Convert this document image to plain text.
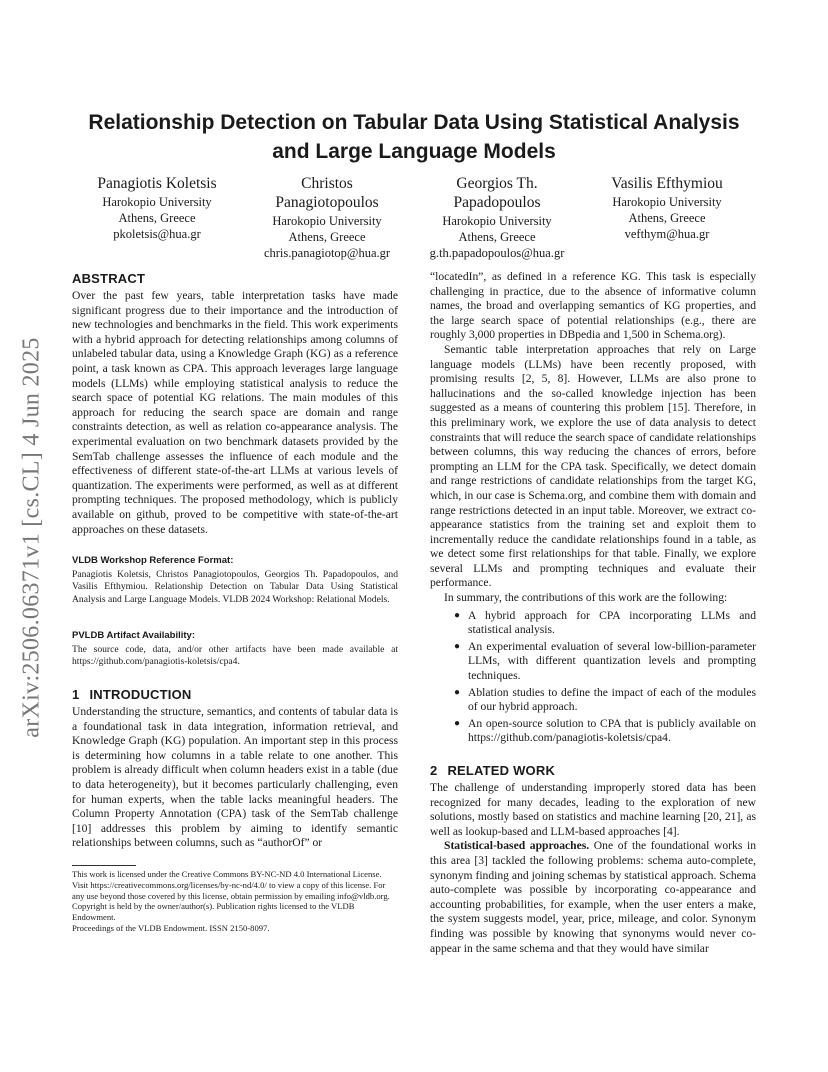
arXiv:2506.06371v1 [cs.CL] 4 Jun 2025
Relationship Detection on Tabular Data Using Statistical Analysis
and Large Language Models
Panagiotis Koletsis
Harokopio University
Athens, Greece
pkoletsis@hua.gr
Christos
Panagiotopoulos
Harokopio University
Athens, Greece
chris.panagiotop@hua.gr
Georgios Th.
Papadopoulos
Harokopio University
Athens, Greece
g.th.papadopoulos@hua.gr
Vasilis Efthymiou
Harokopio University
Athens, Greece
vefthym@hua.gr
ABSTRACT

Over the past few years, table interpretation tasks have made significant progress due to their importance and the introduction of new technologies and benchmarks in the field. This work experiments with a hybrid approach for detecting relationships among columns of unlabeled tabular data, using a Knowledge Graph (KG) as a reference point, a task known as CPA. This approach leverages large language models (LLMs) while employing statistical analysis to reduce the search space of potential KG relations. The main modules of this approach for reducing the search space are domain and range constraints detection, as well as relation co-appearance analysis. The experimental evaluation on two benchmark datasets provided by the SemTab challenge assesses the influence of each module and the effectiveness of different state-of-the-art LLMs at various levels of quantization. The experiments were performed, as well as at different prompting techniques. The proposed methodology, which is publicly available on github, proved to be competitive with state-of-the-art approaches on these datasets.

VLDB Workshop Reference Format:

Panagiotis Koletsis, Christos Panagiotopoulos, Georgios Th. Papadopoulos, and Vasilis Efthymiou. Relationship Detection on Tabular Data Using Statistical Analysis and Large Language Models. VLDB 2024 Workshop: Relational Models.

PVLDB Artifact Availability:

The source code, data, and/or other artifacts have been made available at https://github.com/panagiotis-koletsis/cpa4.

1 INTRODUCTION

Understanding the structure, semantics, and contents of tabular data is a foundational task in data integration, information retrieval, and Knowledge Graph (KG) population. An important step in this process is determining how columns in a table relate to one another. This problem is already difficult when column headers exist in a table (due to data heterogeneity), but it becomes particularly challenging, even for human experts, when the table lacks meaningful headers. The Column Property Annotation (CPA) task of the SemTab challenge [10] addresses this problem by aiming to identify semantic relationships between columns, such as “authorOf” or

This work is licensed under the Creative Commons BY-NC-ND 4.0 International License. Visit https://creativecommons.org/licenses/by-nc-nd/4.0/ to view a copy of this license. For any use beyond those covered by this license, obtain permission by emailing info@vldb.org. Copyright is held by the owner/author(s). Publication rights licensed to the VLDB Endowment.

Proceedings of the VLDB Endowment. ISSN 2150-8097.

“locatedIn”, as defined in a reference KG. This task is especially challenging in practice, due to the absence of informative column names, the broad and overlapping semantics of KG properties, and the large search space of potential relationships (e.g., there are roughly 3,000 properties in DBpedia and 1,500 in Schema.org).

Semantic table interpretation approaches that rely on Large language models (LLMs) have been recently proposed, with promising results [2, 5, 8]. However, LLMs are also prone to hallucinations and the so-called knowledge injection has been suggested as a means of countering this problem [15]. Therefore, in this preliminary work, we explore the use of data analysis to detect constraints that will reduce the search space of candidate relationships between columns, this way reducing the chances of errors, before prompting an LLM for the CPA task. Specifically, we detect domain and range restrictions of candidate relationships from the target KG, which, in our case is Schema.org, and combine them with domain and range restrictions detected in an input table. Moreover, we extract co-appearance statistics from the training set and exploit them to incrementally reduce the candidate relationships found in a table, as we detect some first relationships for that table. Finally, we explore several LLMs and prompting techniques and evaluate their performance.

In summary, the contributions of this work are the following:

● A hybrid approach for CPA incorporating LLMs and statistical analysis.
● An experimental evaluation of several low-billion-parameter LLMs, with different quantization levels and prompting techniques.
● Ablation studies to define the impact of each of the modules of our hybrid approach.
● An open-source solution to CPA that is publicly available on https://github.com/panagiotis-koletsis/cpa4.
2 RELATED WORK

The challenge of understanding improperly stored data has been recognized for many decades, leading to the exploration of new solutions, mostly based on statistics and machine learning [20, 21], as well as lookup-based and LLM-based approaches [4].

Statistical-based approaches. One of the foundational works in this area [3] tackled the following problems: schema auto-complete, synonym finding and joining schemas by statistical approach. Schema auto-complete was possible by incorporating co-appearance and accounting probabilities, for example, when the user enters a make, the system suggests model, year, price, mileage, and color. Synonym finding was possible by knowing that synonyms would never co-appear in the same schema and that they would have similar
